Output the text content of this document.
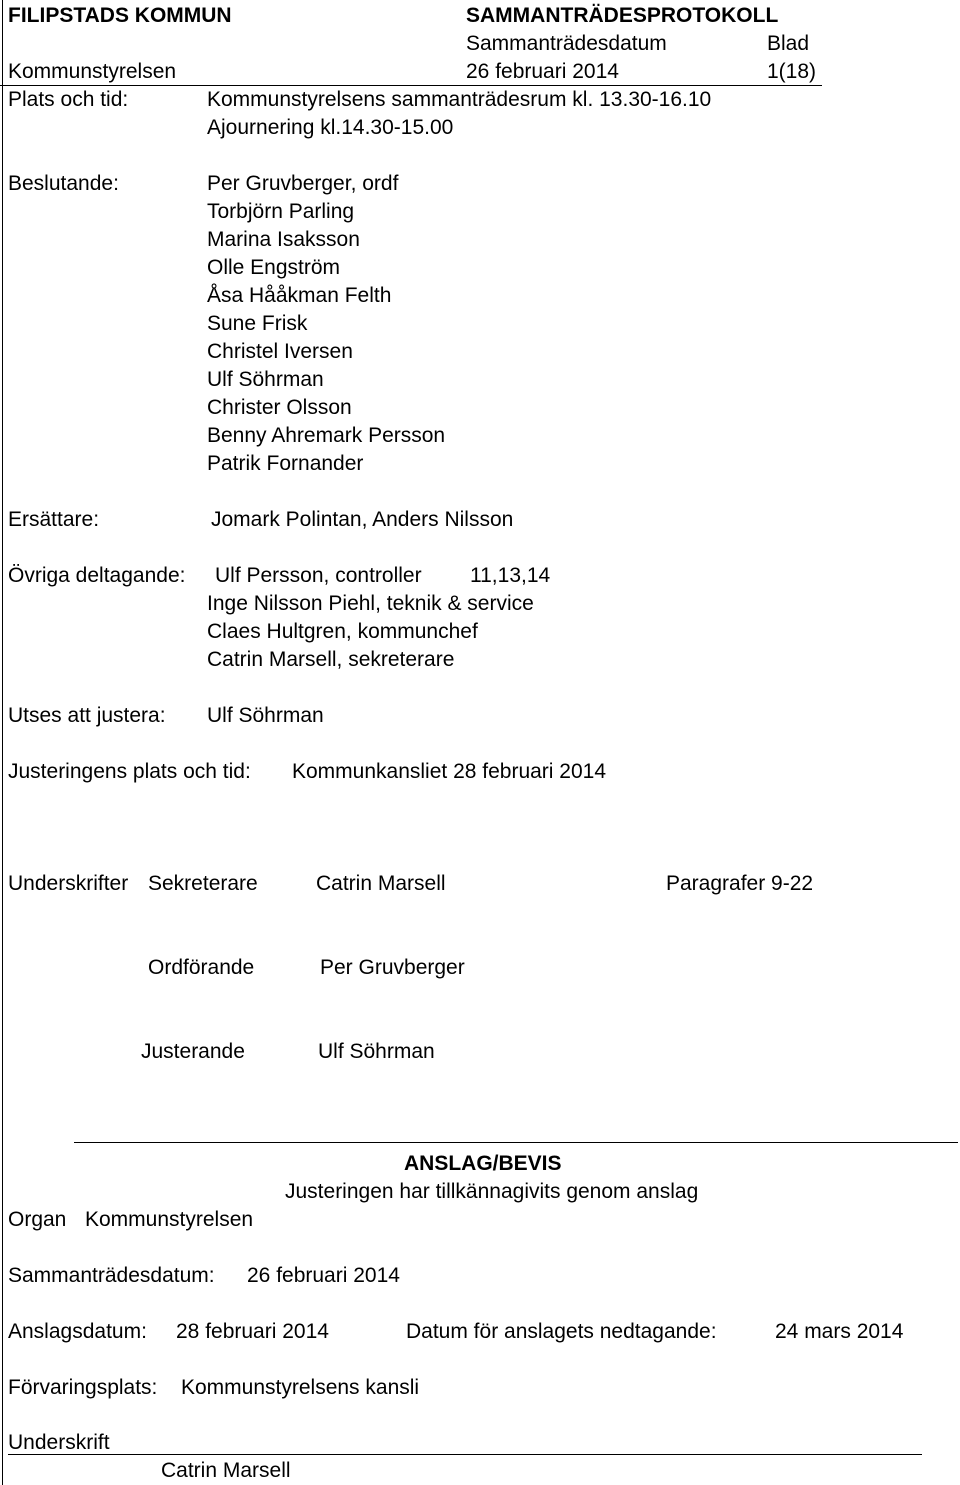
FILIPSTADS KOMMUN	SAMMANTRÄDESPROTOKOLL
Sammanträdesdatum	Blad
Kommunstyrelsen	26 februari 2014	1(18)
Plats och tid:	Kommunstyrelsens sammanträdesrum kl. 13.30-16.10
Ajournering kl.14.30-15.00
Beslutande:	Per Gruvberger, ordf
Torbjörn Parling
Marina Isaksson
Olle Engström
Åsa Hååkman Felth
Sune Frisk
Christel Iversen
Ulf Söhrman
Christer Olsson
Benny Ahremark Persson
Patrik Fornander
Ersättare:	Jomark Polintan, Anders Nilsson
Övriga deltagande: Ulf Persson, controller 11,13,14
Inge Nilsson Piehl, teknik & service
Claes Hultgren, kommunchef
Catrin Marsell, sekreterare
Utses att justera: Ulf Söhrman
Justeringens plats och tid: Kommunkansliet 28 februari 2014
Underskrifter Sekreterare	Catrin Marsell	Paragrafer 9-22
Ordförande	Per Gruvberger
Justerande	Ulf Söhrman
ANSLAG/BEVIS
Justeringen har tillkännagivits genom anslag
Organ Kommunstyrelsen
Sammanträdesdatum: 26 februari 2014
Anslagsdatum: 28 februari 2014	Datum för anslagets nedtagande:	24 mars 2014
Förvaringsplats: Kommunstyrelsens kansli
Underskrift
Catrin Marsell
